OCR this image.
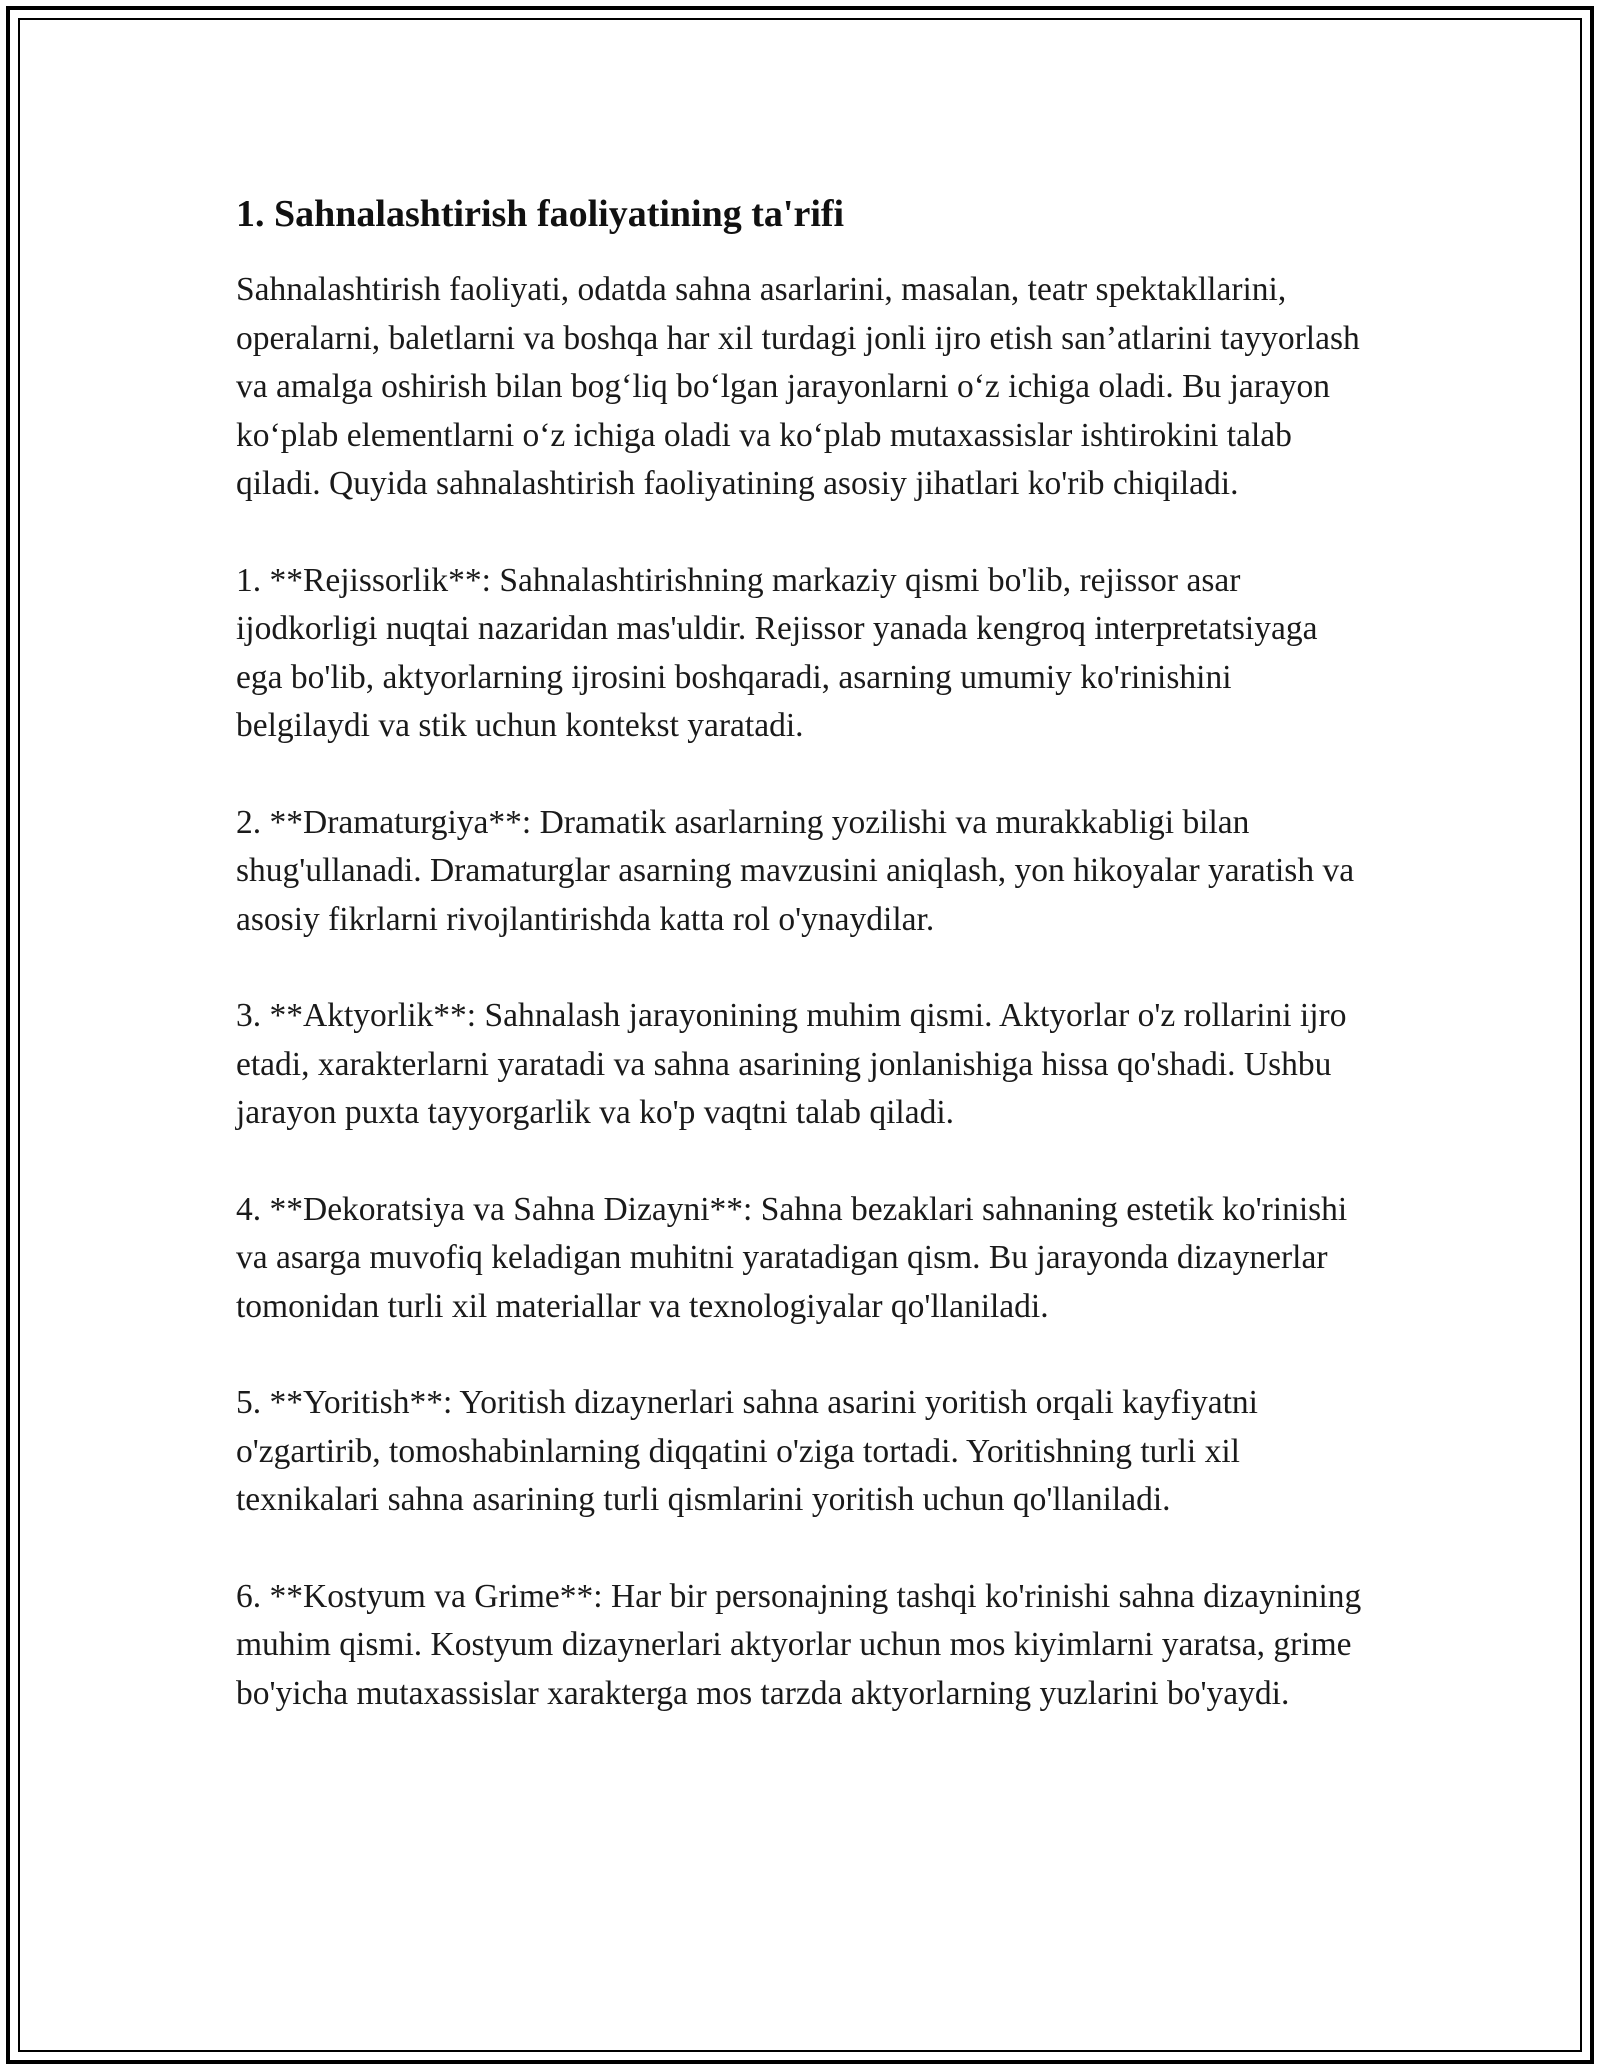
1. Sahnalashtirish faoliyatining ta'rifi

Sahnalashtirish faoliyati, odatda sahna asarlarini, masalan, teatr spektakllarini, operalarni, baletlarni va boshqa har xil turdagi jonli ijro etish san’atlarini tayyorlash va amalga oshirish bilan bog‘liq bo‘lgan jarayonlarni o‘z ichiga oladi. Bu jarayon ko‘plab elementlarni o‘z ichiga oladi va ko‘plab mutaxassislar ishtirokini talab qiladi. Quyida sahnalashtirish faoliyatining asosiy jihatlari ko'rib chiqiladi.

1. **Rejissorlik**: Sahnalashtirishning markaziy qismi bo'lib, rejissor asar ijodkorligi nuqtai nazaridan mas'uldir. Rejissor yanada kengroq interpretatsiyaga ega bo'lib, aktyorlarning ijrosini boshqaradi, asarning umumiy ko'rinishini belgilaydi va stik uchun kontekst yaratadi.

2. **Dramaturgiya**: Dramatik asarlarning yozilishi va murakkabligi bilan shug'ullanadi. Dramaturglar asarning mavzusini aniqlash, yon hikoyalar yaratish va asosiy fikrlarni rivojlantirishda katta rol o'ynaydilar.

3. **Aktyorlik**: Sahnalash jarayonining muhim qismi. Aktyorlar o'z rollarini ijro etadi, xarakterlarni yaratadi va sahna asarining jonlanishiga hissa qo'shadi. Ushbu jarayon puxta tayyorgarlik va ko'p vaqtni talab qiladi.

4. **Dekoratsiya va Sahna Dizayni**: Sahna bezaklari sahnaning estetik ko'rinishi va asarga muvofiq keladigan muhitni yaratadigan qism. Bu jarayonda dizaynerlar tomonidan turli xil materiallar va texnologiyalar qo'llaniladi.

5. **Yoritish**: Yoritish dizaynerlari sahna asarini yoritish orqali kayfiyatni o'zgartirib, tomoshabinlarning diqqatini o'ziga tortadi. Yoritishning turli xil texnikalari sahna asarining turli qismlarini yoritish uchun qo'llaniladi.

6. **Kostyum va Grime**: Har bir personajning tashqi ko'rinishi sahna dizaynining muhim qismi. Kostyum dizaynerlari aktyorlar uchun mos kiyimlarni yaratsa, grime bo'yicha mutaxassislar xarakterga mos tarzda aktyorlarning yuzlarini bo'yaydi.
